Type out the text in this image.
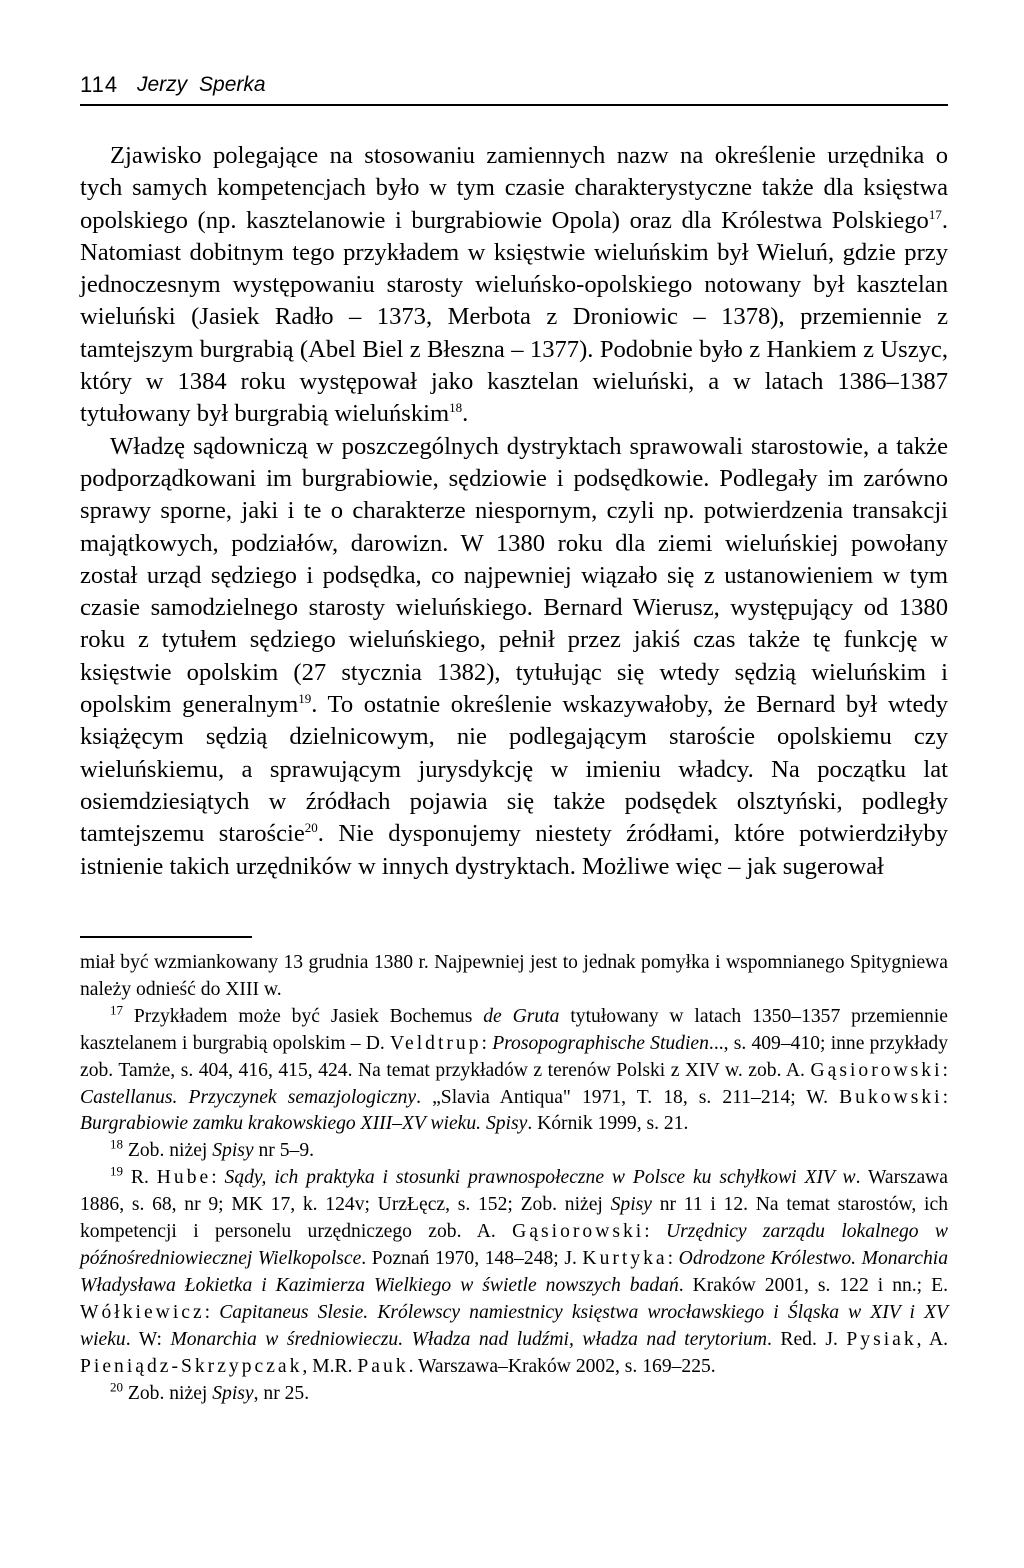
114 Jerzy Sperka

Zjawisko polegające na stosowaniu zamiennych nazw na określenie urzędnika o tych samych kompetencjach było w tym czasie charakterystyczne także dla księstwa opolskiego (np. kasztelanowie i burgrabiowie Opola) oraz dla Królestwa Polskiego$^{17}$. Natomiast dobitnym tego przykładem w księstwie wieluńskim był Wieluń, gdzie przy jednoczesnym występowaniu starosty wieluńsko-opolskiego notowany był kasztelan wieluński (Jasiek Radło – 1373, Merbota z Droniowic – 1378), przemiennie z tamtejszym burgrabią (Abel Biel z Błeszna – 1377). Podobnie było z Hankiem z Uszyc, który w 1384 roku występował jako kasztelan wieluński, a w latach 1386–1387 tytułowany był burgrabią wieluńskim$^{18}$.

Władzę sądowniczą w poszczególnych dystryktach sprawowali starostowie, a także podporządkowani im burgrabiowie, sędziowie i podsędkowie. Podlegały im zarówno sprawy sporne, jaki i te o charakterze niespornym, czyli np. potwierdzenia transakcji majątkowych, podziałów, darowizn. W 1380 roku dla ziemi wieluńskiej powołany został urząd sędziego i podsędka, co najpewniej wiązało się z ustanowieniem w tym czasie samodzielnego starosty wieluńskiego. Bernard Wierusz, występujący od 1380 roku z tytułem sędziego wieluńskiego, pełnił przez jakiś czas także tę funkcję w księstwie opolskim (27 stycznia 1382), tytułując się wtedy sędzią wieluńskim i opolskim generalnym$^{19}$. To ostatnie określenie wskazywałoby, że Bernard był wtedy książęcym sędzią dzielnicowym, nie podlegającym staroście opolskiemu czy wieluńskiemu, a sprawującym jurysdykcję w imieniu władcy. Na początku lat osiemdziesiątych w źródłach pojawia się także podsędek olsztyński, podległy tamtejszemu staroście$^{20}$. Nie dysponujemy niestety źródłami, które potwierdziłyby istnienie takich urzędników w innych dystryktach. Możliwe więc – jak sugerował

miał być wzmiankowany 13 grudnia 1380 r. Najpewniej jest to jednak pomyłka i wspomnianego Spitygniewa należy odnieść do XIII w.

$^{17}$ Przykładem może być Jasiek Bochemus de Gruta tytułowany w latach 1350–1357 przemiennie kasztelanem i burgrabią opolskim – D. Veldtrup: Prosopographische Studien..., s. 409–410; inne przykłady zob. Tamże, s. 404, 416, 415, 424. Na temat przykładów z terenów Polski z XIV w. zob. A. Gąsiorowski: Castellanus. Przyczynek semazjologiczny. „Slavia Antiqua" 1971, T. 18, s. 211–214; W. Bukowski: Burgrabiowie zamku krakowskiego XIII–XV wieku. Spisy. Kórnik 1999, s. 21.

$^{18}$ Zob. niżej Spisy nr 5–9.

$^{19}$ R. Hube: Sądy, ich praktyka i stosunki prawnospołeczne w Polsce ku schyłkowi XIV w. Warszawa 1886, s. 68, nr 9; MK 17, k. 124v; UrzŁęcz, s. 152; Zob. niżej Spisy nr 11 i 12. Na temat starostów, ich kompetencji i personelu urzędniczego zob. A. Gąsiorowski: Urzędnicy zarządu lokalnego w późnośredniowiecznej Wielkopolsce. Poznań 1970, 148–248; J. Kurtyka: Odrodzone Królestwo. Monarchia Władysława Łokietka i Kazimierza Wielkiego w świetle nowszych badań. Kraków 2001, s. 122 i nn.; E. Wółkiewicz: Capitaneus Slesie. Królewscy namiestnicy księstwa wrocławskiego i Śląska w XIV i XV wieku. W: Monarchia w średniowieczu. Władza nad ludźmi, władza nad terytorium. Red. J. Pysiak, A. Pieniądz-Skrzypczak, M.R. Pauk. Warszawa–Kraków 2002, s. 169–225.

$^{20}$ Zob. niżej Spisy, nr 25.
